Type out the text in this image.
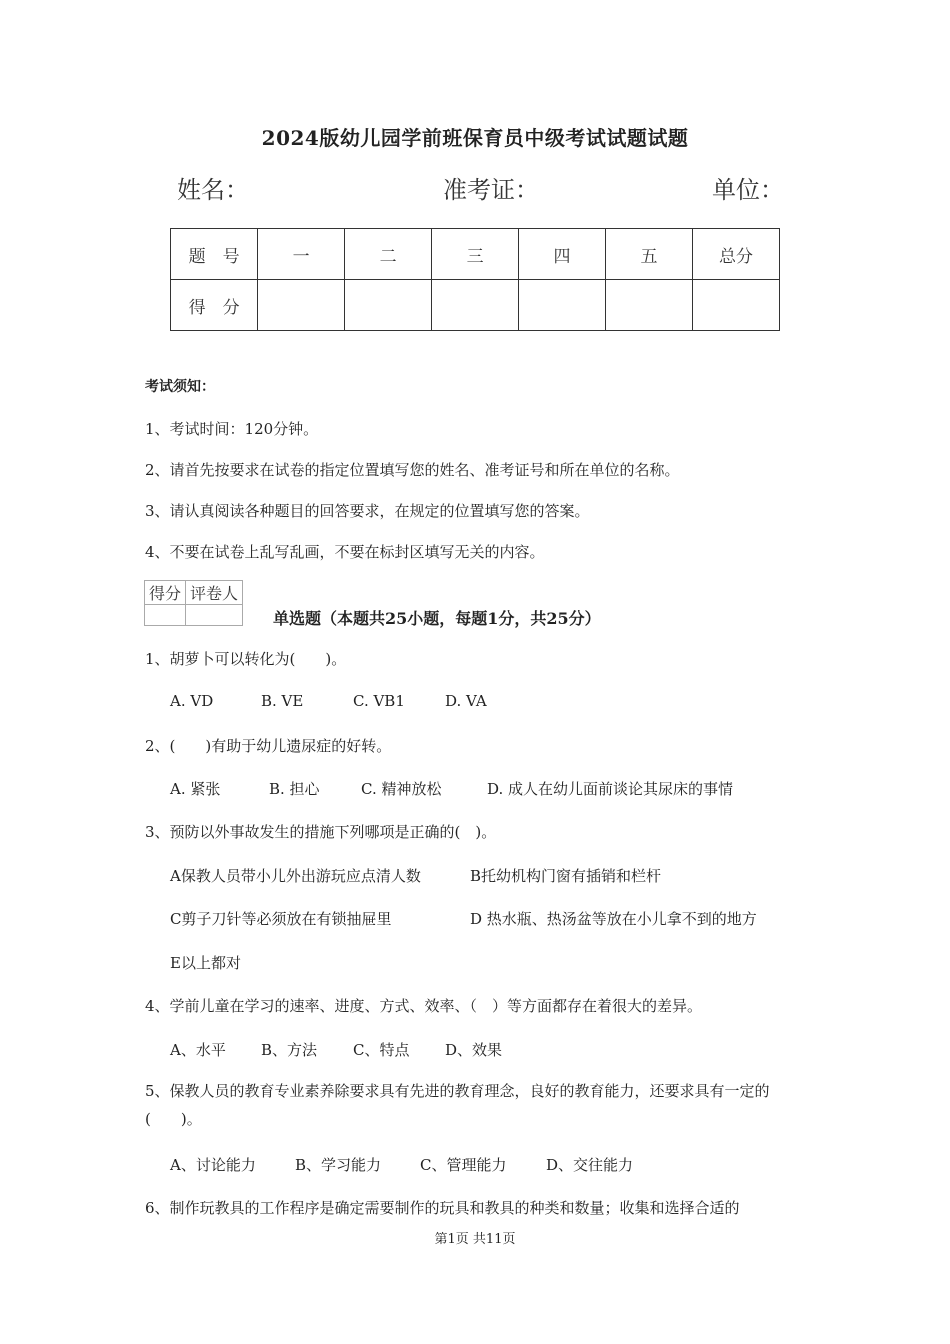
2024版幼儿园学前班保育员中级考试试题试题
姓名：	准考证：	单位：
题　号	一	二	三	四	五	总分
得　分						
考试须知：
1、考试时间：120分钟。
2、请首先按要求在试卷的指定位置填写您的姓名、准考证号和所在单位的名称。
3、请认真阅读各种题目的回答要求，在规定的位置填写您的答案。
4、不要在试卷上乱写乱画，不要在标封区填写无关的内容。
得分	评卷人

单选题（本题共25小题，每题1分，共25分）
1、胡萝卜可以转化为(　　)。
A. VD	B. VE	C. VB1	D. VA
2、(　　)有助于幼儿遗尿症的好转。
A. 紧张	B. 担心	C. 精神放松	D. 成人在幼儿面前谈论其尿床的事情
3、预防以外事故发生的措施下列哪项是正确的(　)。
A保教人员带小儿外出游玩应点清人数	B托幼机构门窗有插销和栏杆
C剪子刀针等必须放在有锁抽屉里	D 热水瓶、热汤盆等放在小儿拿不到的地方
E以上都对
4、学前儿童在学习的速率、进度、方式、效率、（　）等方面都存在着很大的差异。
A、水平 B、方法 C、特点 D、效果
5、保教人员的教育专业素养除要求具有先进的教育理念，良好的教育能力，还要求具有一定的(　　)。
A、讨论能力	B、学习能力	C、管理能力	D、交往能力
6、制作玩教具的工作程序是确定需要制作的玩具和教具的种类和数量；收集和选择合适的
第1页 共11页
